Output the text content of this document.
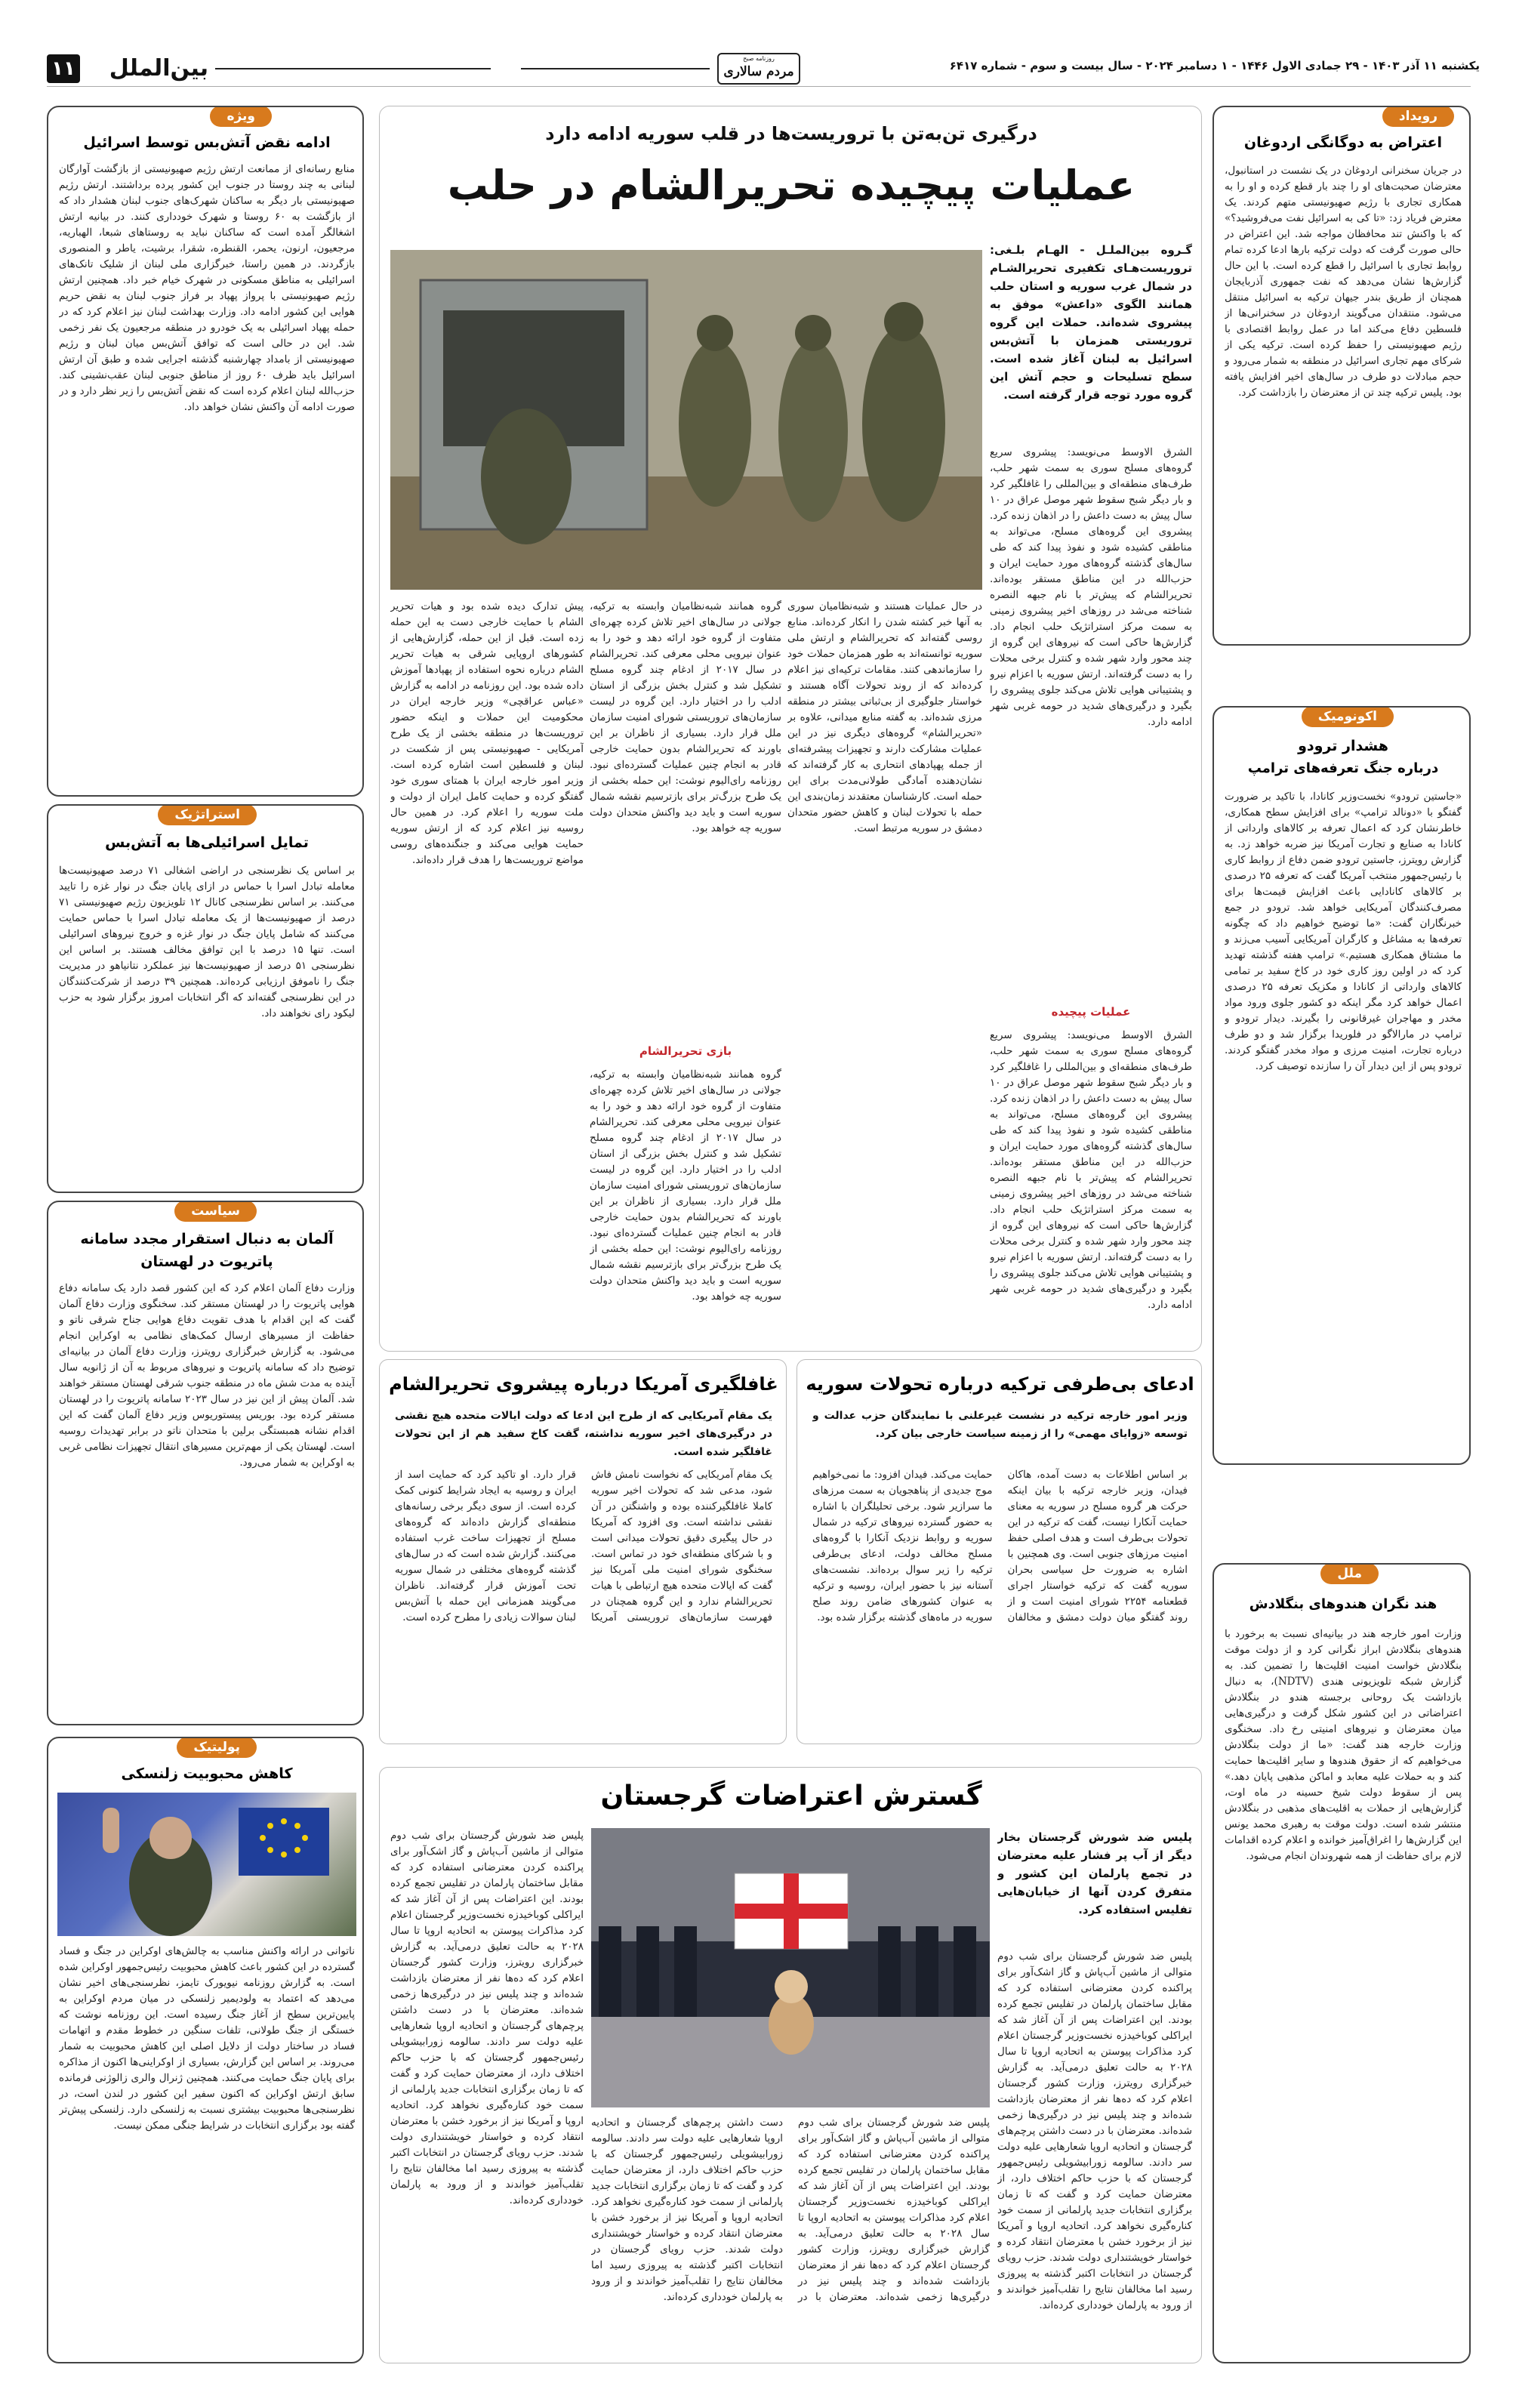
۱۱	بین‌الملل	روزنامه صبح
مردم سالاری	یکشنبه ۱۱ آذر ۱۴۰۳ - ۲۹ جمادی الاول ۱۴۴۶ - ۱ دسامبر ۲۰۲۴ - سال بیست و سوم - شماره ۶۴۱۷
رویداد
اعتراض به دوگانگی اردوغان
در جریان سخنرانی اردوغان در یک نشست در استانبول، معترضان صحبت‌های او را چند بار قطع کرده و او را به همکاری تجاری با رژیم صهیونیستی متهم کردند. یک معترض فریاد زد: «تا کی به اسرائیل نفت می‌فروشید؟» که با واکنش تند محافظان مواجه شد. این اعتراض در حالی صورت گرفت که دولت ترکیه بارها ادعا کرده تمام روابط تجاری با اسرائیل را قطع کرده است. با این حال گزارش‌ها نشان می‌دهد که نفت جمهوری آذربایجان همچنان از طریق بندر جیهان ترکیه به اسرائیل منتقل می‌شود. منتقدان می‌گویند اردوغان در سخنرانی‌ها از فلسطین دفاع می‌کند اما در عمل روابط اقتصادی با رژیم صهیونیستی را حفظ کرده است. ترکیه یکی از شرکای مهم تجاری اسرائیل در منطقه به شمار می‌رود و حجم مبادلات دو طرف در سال‌های اخیر افزایش یافته بود. پلیس ترکیه چند تن از معترضان را بازداشت کرد.
اکونومیک
هشدار ترودو
درباره جنگ تعرفه‌های ترامپ
«جاستین ترودو» نخست‌وزیر کانادا، با تاکید بر ضرورت گفتگو با «دونالد ترامپ» برای افزایش سطح همکاری، خاطرنشان کرد که اعمال تعرفه بر کالاهای وارداتی از کانادا به صنایع و تجارت آمریکا نیز ضربه خواهد زد. به گزارش رویترز، جاستین ترودو ضمن دفاع از روابط کاری با رئیس‌جمهور منتخب آمریکا گفت که تعرفه ۲۵ درصدی بر کالاهای کانادایی باعث افزایش قیمت‌ها برای مصرف‌کنندگان آمریکایی خواهد شد. ترودو در جمع خبرنگاران گفت: «ما توضیح خواهیم داد که چگونه تعرفه‌ها به مشاغل و کارگران آمریکایی آسیب می‌زند و ما مشتاق همکاری هستیم.» ترامپ هفته گذشته تهدید کرد که در اولین روز کاری خود در کاخ سفید بر تمامی کالاهای وارداتی از کانادا و مکزیک تعرفه ۲۵ درصدی اعمال خواهد کرد مگر اینکه دو کشور جلوی ورود مواد مخدر و مهاجران غیرقانونی را بگیرند. دیدار ترودو و ترامپ در مارالاگو در فلوریدا برگزار شد و دو طرف درباره تجارت، امنیت مرزی و مواد مخدر گفتگو کردند. ترودو پس از این دیدار آن را سازنده توصیف کرد.
ملل
هند نگران هندوهای بنگلادش
وزارت امور خارجه هند در بیانیه‌ای نسبت به برخورد با هندوهای بنگلادش ابراز نگرانی کرد و از دولت موقت بنگلادش خواست امنیت اقلیت‌ها را تضمین کند. به گزارش شبکه تلویزیونی هندی (NDTV)، به دنبال بازداشت یک روحانی برجسته هندو در بنگلادش اعتراضاتی در این کشور شکل گرفت و درگیری‌هایی میان معترضان و نیروهای امنیتی رخ داد. سخنگوی وزارت خارجه هند گفت: «ما از دولت بنگلادش می‌خواهیم که از حقوق هندوها و سایر اقلیت‌ها حمایت کند و به حملات علیه معابد و اماکن مذهبی پایان دهد.» پس از سقوط دولت شیخ حسینه در ماه اوت، گزارش‌هایی از حملات به اقلیت‌های مذهبی در بنگلادش منتشر شده است. دولت موقت به رهبری محمد یونس این گزارش‌ها را اغراق‌آمیز خوانده و اعلام کرده اقدامات لازم برای حفاظت از همه شهروندان انجام می‌شود.
ویژه
ادامه نقض آتش‌بس توسط اسرائیل
منابع رسانه‌ای از ممانعت ارتش رژیم صهیونیستی از بازگشت آوارگان لبنانی به چند روستا در جنوب این کشور پرده برداشتند. ارتش رژیم صهیونیستی بار دیگر به ساکنان شهرک‌های جنوب لبنان هشدار داد که از بازگشت به ۶۰ روستا و شهرک خودداری کنند. در بیانیه ارتش اشغالگر آمده است که ساکنان نباید به روستاهای شبعا، الهباریه، مرجعیون، ارنون، یحمر، القنطره، شقرا، برشیت، یاطر و المنصوری بازگردند. در همین راستا، خبرگزاری ملی لبنان از شلیک تانک‌های اسرائیلی به مناطق مسکونی در شهرک خیام خبر داد. همچنین ارتش رژیم صهیونیستی با پرواز پهپاد بر فراز جنوب لبنان به نقض حریم هوایی این کشور ادامه داد. وزارت بهداشت لبنان نیز اعلام کرد که در حمله پهپاد اسرائیلی به یک خودرو در منطقه مرجعیون یک نفر زخمی شد. این در حالی است که توافق آتش‌بس میان لبنان و رژیم صهیونیستی از بامداد چهارشنبه گذشته اجرایی شده و طبق آن ارتش اسرائیل باید ظرف ۶۰ روز از مناطق جنوبی لبنان عقب‌نشینی کند. حزب‌الله لبنان اعلام کرده است که نقض آتش‌بس را زیر نظر دارد و در صورت ادامه آن واکنش نشان خواهد داد.
استراتژیک
تمایل اسرائیلی‌ها به آتش‌بس
بر اساس یک نظرسنجی در اراضی اشغالی ۷۱ درصد صهیونیست‌ها معامله تبادل اسرا با حماس در ازای پایان جنگ در نوار غزه را تایید می‌کنند. بر اساس نظرسنجی کانال ۱۲ تلویزیون رژیم صهیونیستی ۷۱ درصد از صهیونیست‌ها از یک معامله تبادل اسرا با حماس حمایت می‌کنند که شامل پایان جنگ در نوار غزه و خروج نیروهای اسرائیلی است. تنها ۱۵ درصد با این توافق مخالف هستند. بر اساس این نظرسنجی ۵۱ درصد از صهیونیست‌ها نیز عملکرد نتانیاهو در مدیریت جنگ را ناموفق ارزیابی کرده‌اند. همچنین ۳۹ درصد از شرکت‌کنندگان در این نظرسنجی گفته‌اند که اگر انتخابات امروز برگزار شود به حزب لیکود رای نخواهند داد.
سیاست
آلمان به دنبال استقرار مجدد سامانه پاتریوت در لهستان
وزارت دفاع آلمان اعلام کرد که این کشور قصد دارد یک سامانه دفاع هوایی پاتریوت را در لهستان مستقر کند. سخنگوی وزارت دفاع آلمان گفت که این اقدام با هدف تقویت دفاع هوایی جناح شرقی ناتو و حفاظت از مسیرهای ارسال کمک‌های نظامی به اوکراین انجام می‌شود. به گزارش خبرگزاری رویترز، وزارت دفاع آلمان در بیانیه‌ای توضیح داد که سامانه پاتریوت و نیروهای مربوط به آن از ژانویه سال آینده به مدت شش ماه در منطقه جنوب شرقی لهستان مستقر خواهند شد. آلمان پیش از این نیز در سال ۲۰۲۳ سامانه پاتریوت را در لهستان مستقر کرده بود. بوریس پیستوریوس وزیر دفاع آلمان گفت که این اقدام نشانه همبستگی برلین با متحدان ناتو در برابر تهدیدات روسیه است. لهستان یکی از مهم‌ترین مسیرهای انتقال تجهیزات نظامی غربی به اوکراین به شمار می‌رود.
پولیتیک
کاهش محبوبیت زلنسکی
ناتوانی در ارائه واکنش مناسب به چالش‌های اوکراین در جنگ و فساد گسترده در این کشور باعث کاهش محبوبیت رئیس‌جمهور اوکراین شده است. به گزارش روزنامه نیویورک تایمز، نظرسنجی‌های اخیر نشان می‌دهد که اعتماد به ولودیمیر زلنسکی در میان مردم اوکراین به پایین‌ترین سطح از آغاز جنگ رسیده است. این روزنامه نوشت که خستگی از جنگ طولانی، تلفات سنگین در خطوط مقدم و اتهامات فساد در ساختار دولت از دلایل اصلی این کاهش محبوبیت به شمار می‌روند. بر اساس این گزارش، بسیاری از اوکراینی‌ها اکنون از مذاکره برای پایان جنگ حمایت می‌کنند. همچنین ژنرال والری زالوژنی فرمانده سابق ارتش اوکراین که اکنون سفیر این کشور در لندن است، در نظرسنجی‌ها محبوبیت بیشتری نسبت به زلنسکی دارد. زلنسکی پیش‌تر گفته بود برگزاری انتخابات در شرایط جنگی ممکن نیست.
درگیری تن‌به‌تن با تروریست‌ها در قلب سوریه ادامه دارد
عملیات پیچیده تحریرالشام در حلب
گـروه بین‌الملـل - الهـام بلـغی: تروریست‌هـای تکفیری تحریرالشـام در شمال غرب سوریه و استان حلب همانند الگوی «داعش» موفق به پیشروی شده‌اند. حملات این گروه تروریستی همزمان با آتش‌بس اسرائیل به لبنان آغاز شده است. سطح تسلیحات و حجم آتش این گروه مورد توجه قرار گرفته است.
الشرق الاوسط می‌نویسد: پیشروی سریع گروه‌های مسلح سوری به سمت شهر حلب، طرف‌های منطقه‌ای و بین‌المللی را غافلگیر کرد و بار دیگر شبح سقوط شهر موصل عراق در ۱۰ سال پیش به دست داعش را در اذهان زنده کرد. پیشروی این گروه‌های مسلح، می‌تواند به مناطقی کشیده شود و نفوذ پیدا کند که طی سال‌های گذشته گروه‌های مورد حمایت ایران و حزب‌الله در این مناطق مستقر بوده‌اند. تحریرالشام که پیش‌تر با نام جبهه النصره شناخته می‌شد در روزهای اخیر پیشروی زمینی به سمت مرکز استراتژیک حلب انجام داد. گزارش‌ها حاکی است که نیروهای این گروه از چند محور وارد شهر شده و کنترل برخی محلات را به دست گرفته‌اند. ارتش سوریه با اعزام نیرو و پشتیبانی هوایی تلاش می‌کند جلوی پیشروی را بگیرد و درگیری‌های شدید در حومه غربی شهر ادامه دارد.
عملیات پیچیده
الشرق الاوسط می‌نویسد: پیشروی سریع گروه‌های مسلح سوری به سمت شهر حلب، طرف‌های منطقه‌ای و بین‌المللی را غافلگیر کرد و بار دیگر شبح سقوط شهر موصل عراق در ۱۰ سال پیش به دست داعش را در اذهان زنده کرد. پیشروی این گروه‌های مسلح، می‌تواند به مناطقی کشیده شود و نفوذ پیدا کند که طی سال‌های گذشته گروه‌های مورد حمایت ایران و حزب‌الله در این مناطق مستقر بوده‌اند. تحریرالشام که پیش‌تر با نام جبهه النصره شناخته می‌شد در روزهای اخیر پیشروی زمینی به سمت مرکز استراتژیک حلب انجام داد. گزارش‌ها حاکی است که نیروهای این گروه از چند محور وارد شهر شده و کنترل برخی محلات را به دست گرفته‌اند. ارتش سوریه با اعزام نیرو و پشتیبانی هوایی تلاش می‌کند جلوی پیشروی را بگیرد و درگیری‌های شدید در حومه غربی شهر ادامه دارد.
در حال عملیات هستند و شبه‌نظامیان سوری به آنها خبر کشته شدن را انکار کرده‌اند. منابع روسی گفته‌اند که تحریرالشام و ارتش ملی سوریه توانسته‌اند به طور همزمان حملات خود را سازماندهی کنند. مقامات ترکیه‌ای نیز اعلام کرده‌اند که از روند تحولات آگاه هستند و خواستار جلوگیری از بی‌ثباتی بیشتر در منطقه مرزی شده‌اند. به گفته منابع میدانی، علاوه بر «تحریرالشام» گروه‌های دیگری نیز در این عملیات مشارکت دارند و تجهیزات پیشرفته‌ای از جمله پهپادهای انتحاری به کار گرفته‌اند که نشان‌دهنده آمادگی طولانی‌مدت برای این حمله است. کارشناسان معتقدند زمان‌بندی این حمله با تحولات لبنان و کاهش حضور متحدان دمشق در سوریه مرتبط است.
گروه همانند شبه‌نظامیان وابسته به ترکیه، جولانی در سال‌های اخیر تلاش کرده چهره‌ای متفاوت از گروه خود ارائه دهد و خود را به عنوان نیرویی محلی معرفی کند. تحریرالشام در سال ۲۰۱۷ از ادغام چند گروه مسلح تشکیل شد و کنترل بخش بزرگی از استان ادلب را در اختیار دارد. این گروه در لیست سازمان‌های تروریستی شورای امنیت سازمان ملل قرار دارد. بسیاری از ناظران بر این باورند که تحریرالشام بدون حمایت خارجی قادر به انجام چنین عملیات گسترده‌ای نبود. روزنامه رای‌الیوم نوشت: این حمله بخشی از یک طرح بزرگ‌تر برای بازترسیم نقشه شمال سوریه است و باید دید واکنش متحدان دولت سوریه چه خواهد بود.
بازی تحریرالشام
گروه همانند شبه‌نظامیان وابسته به ترکیه، جولانی در سال‌های اخیر تلاش کرده چهره‌ای متفاوت از گروه خود ارائه دهد و خود را به عنوان نیرویی محلی معرفی کند. تحریرالشام در سال ۲۰۱۷ از ادغام چند گروه مسلح تشکیل شد و کنترل بخش بزرگی از استان ادلب را در اختیار دارد. این گروه در لیست سازمان‌های تروریستی شورای امنیت سازمان ملل قرار دارد. بسیاری از ناظران بر این باورند که تحریرالشام بدون حمایت خارجی قادر به انجام چنین عملیات گسترده‌ای نبود. روزنامه رای‌الیوم نوشت: این حمله بخشی از یک طرح بزرگ‌تر برای بازترسیم نقشه شمال سوریه است و باید دید واکنش متحدان دولت سوریه چه خواهد بود.
پیش تدارک دیده شده بود و هیات تحریر الشام با حمایت خارجی دست به این حمله زده است. قبل از این حمله، گزارش‌هایی از کشورهای اروپایی شرقی به هیات تحریر الشام درباره نحوه استفاده از پهپادها آموزش داده شده بود. این روزنامه در ادامه به گزارش «عباس عراقچی» وزیر خارجه ایران در محکومیت این حملات و اینکه حضور تروریست‌ها در منطقه بخشی از یک طرح آمریکایی - صهیونیستی پس از شکست در لبنان و فلسطین است اشاره کرده است. وزیر امور خارجه ایران با همتای سوری خود گفتگو کرده و حمایت کامل ایران از دولت و ملت سوریه را اعلام کرد. در همین حال روسیه نیز اعلام کرد که از ارتش سوریه حمایت هوایی می‌کند و جنگنده‌های روسی مواضع تروریست‌ها را هدف قرار داده‌اند.
ادعای بی‌طرفی ترکیه درباره تحولات سوریه
وزیر امور خارجه ترکیه در نشست غیرعلنی با نمایندگان حزب عدالت و توسعه «زوایای مهمی» را از زمینه سیاست خارجی بیان کرد.
بر اساس اطلاعات به دست آمده، هاکان فیدان، وزیر خارجه ترکیه با بیان اینکه حرکت هر گروه مسلح در سوریه به معنای حمایت آنکارا نیست، گفت که ترکیه در این تحولات بی‌طرف است و هدف اصلی حفظ امنیت مرزهای جنوبی است. وی همچنین با اشاره به ضرورت حل سیاسی بحران سوریه گفت که ترکیه خواستار اجرای قطعنامه ۲۲۵۴ شورای امنیت است و از روند گفتگو میان دولت دمشق و مخالفان حمایت می‌کند. فیدان افزود: ما نمی‌خواهیم موج جدیدی از پناهجویان به سمت مرزهای ما سرازیر شود. برخی تحلیلگران با اشاره به حضور گسترده نیروهای ترکیه در شمال سوریه و روابط نزدیک آنکارا با گروه‌های مسلح مخالف دولت، ادعای بی‌طرفی ترکیه را زیر سوال برده‌اند. نشست‌های آستانه نیز با حضور ایران، روسیه و ترکیه به عنوان کشورهای ضامن روند صلح سوریه در ماه‌های گذشته برگزار شده بود.
غافلگیری آمریکا درباره پیشروی تحریرالشام
یک مقام آمریکایی که از طرح این ادعا که دولت ایالات متحده هیچ نقشی در درگیری‌های اخیر سوریه نداشته، گفت کاخ سفید هم از این تحولات غافلگیر شده است.
یک مقام آمریکایی که نخواست نامش فاش شود، مدعی شد که تحولات اخیر سوریه کاملا غافلگیرکننده بوده و واشنگتن در آن نقشی نداشته است. وی افزود که آمریکا در حال پیگیری دقیق تحولات میدانی است و با شرکای منطقه‌ای خود در تماس است. سخنگوی شورای امنیت ملی آمریکا نیز گفت که ایالات متحده هیچ ارتباطی با هیات تحریرالشام ندارد و این گروه همچنان در فهرست سازمان‌های تروریستی آمریکا قرار دارد. او تاکید کرد که حمایت اسد از ایران و روسیه به ایجاد شرایط کنونی کمک کرده است. از سوی دیگر برخی رسانه‌های منطقه‌ای گزارش داده‌اند که گروه‌های مسلح از تجهیزات ساخت غرب استفاده می‌کنند. گزارش شده است که در سال‌های گذشته گروه‌های مختلفی در شمال سوریه تحت آموزش قرار گرفته‌اند. ناظران می‌گویند همزمانی این حمله با آتش‌بس لبنان سوالات زیادی را مطرح کرده است.
گسترش اعتراضات گرجستان
پلیس ضد شورش گرجستان بخار دیگر از آب پر فشار علیه معترضان در تجمع پارلمان این کشور و متفرق کردن آنها از خیابان‌هایی تفلیس استفاده کرد.
پلیس ضد شورش گرجستان برای شب دوم متوالی از ماشین آب‌پاش و گاز اشک‌آور برای پراکنده کردن معترضانی استفاده کرد که مقابل ساختمان پارلمان در تفلیس تجمع کرده بودند. این اعتراضات پس از آن آغاز شد که ایراکلی کوباخیدزه نخست‌وزیر گرجستان اعلام کرد مذاکرات پیوستن به اتحادیه اروپا تا سال ۲۰۲۸ به حالت تعلیق درمی‌آید. به گزارش خبرگزاری رویترز، وزارت کشور گرجستان اعلام کرد که ده‌ها نفر از معترضان بازداشت شده‌اند و چند پلیس نیز در درگیری‌ها زخمی شده‌اند. معترضان با در دست داشتن پرچم‌های گرجستان و اتحادیه اروپا شعارهایی علیه دولت سر دادند. سالومه زورابیشویلی رئیس‌جمهور گرجستان که با حزب حاکم اختلاف دارد، از معترضان حمایت کرد و گفت که تا زمان برگزاری انتخابات جدید پارلمانی از سمت خود کناره‌گیری نخواهد کرد. اتحادیه اروپا و آمریکا نیز از برخورد خشن با معترضان انتقاد کرده و خواستار خویشتنداری دولت شدند. حزب رویای گرجستان در انتخابات اکتبر گذشته به پیروزی رسید اما مخالفان نتایج را تقلب‌آمیز خواندند و از ورود به پارلمان خودداری کرده‌اند.
پلیس ضد شورش گرجستان برای شب دوم متوالی از ماشین آب‌پاش و گاز اشک‌آور برای پراکنده کردن معترضانی استفاده کرد که مقابل ساختمان پارلمان در تفلیس تجمع کرده بودند. این اعتراضات پس از آن آغاز شد که ایراکلی کوباخیدزه نخست‌وزیر گرجستان اعلام کرد مذاکرات پیوستن به اتحادیه اروپا تا سال ۲۰۲۸ به حالت تعلیق درمی‌آید. به گزارش خبرگزاری رویترز، وزارت کشور گرجستان اعلام کرد که ده‌ها نفر از معترضان بازداشت شده‌اند و چند پلیس نیز در درگیری‌ها زخمی شده‌اند. معترضان با در دست داشتن پرچم‌های گرجستان و اتحادیه اروپا شعارهایی علیه دولت سر دادند. سالومه زورابیشویلی رئیس‌جمهور گرجستان که با حزب حاکم اختلاف دارد، از معترضان حمایت کرد و گفت که تا زمان برگزاری انتخابات جدید پارلمانی از سمت خود کناره‌گیری نخواهد کرد. اتحادیه اروپا و آمریکا نیز از برخورد خشن با معترضان انتقاد کرده و خواستار خویشتنداری دولت شدند. حزب رویای گرجستان در انتخابات اکتبر گذشته به پیروزی رسید اما مخالفان نتایج را تقلب‌آمیز خواندند و از ورود به پارلمان خودداری کرده‌اند.
پلیس ضد شورش گرجستان برای شب دوم متوالی از ماشین آب‌پاش و گاز اشک‌آور برای پراکنده کردن معترضانی استفاده کرد که مقابل ساختمان پارلمان در تفلیس تجمع کرده بودند. این اعتراضات پس از آن آغاز شد که ایراکلی کوباخیدزه نخست‌وزیر گرجستان اعلام کرد مذاکرات پیوستن به اتحادیه اروپا تا سال ۲۰۲۸ به حالت تعلیق درمی‌آید. به گزارش خبرگزاری رویترز، وزارت کشور گرجستان اعلام کرد که ده‌ها نفر از معترضان بازداشت شده‌اند و چند پلیس نیز در درگیری‌ها زخمی شده‌اند. معترضان با در دست داشتن پرچم‌های گرجستان و اتحادیه اروپا شعارهایی علیه دولت سر دادند. سالومه زورابیشویلی رئیس‌جمهور گرجستان که با حزب حاکم اختلاف دارد، از معترضان حمایت کرد و گفت که تا زمان برگزاری انتخابات جدید پارلمانی از سمت خود کناره‌گیری نخواهد کرد. اتحادیه اروپا و آمریکا نیز از برخورد خشن با معترضان انتقاد کرده و خواستار خویشتنداری دولت شدند. حزب رویای گرجستان در انتخابات اکتبر گذشته به پیروزی رسید اما مخالفان نتایج را تقلب‌آمیز خواندند و از ورود به پارلمان خودداری کرده‌اند.
